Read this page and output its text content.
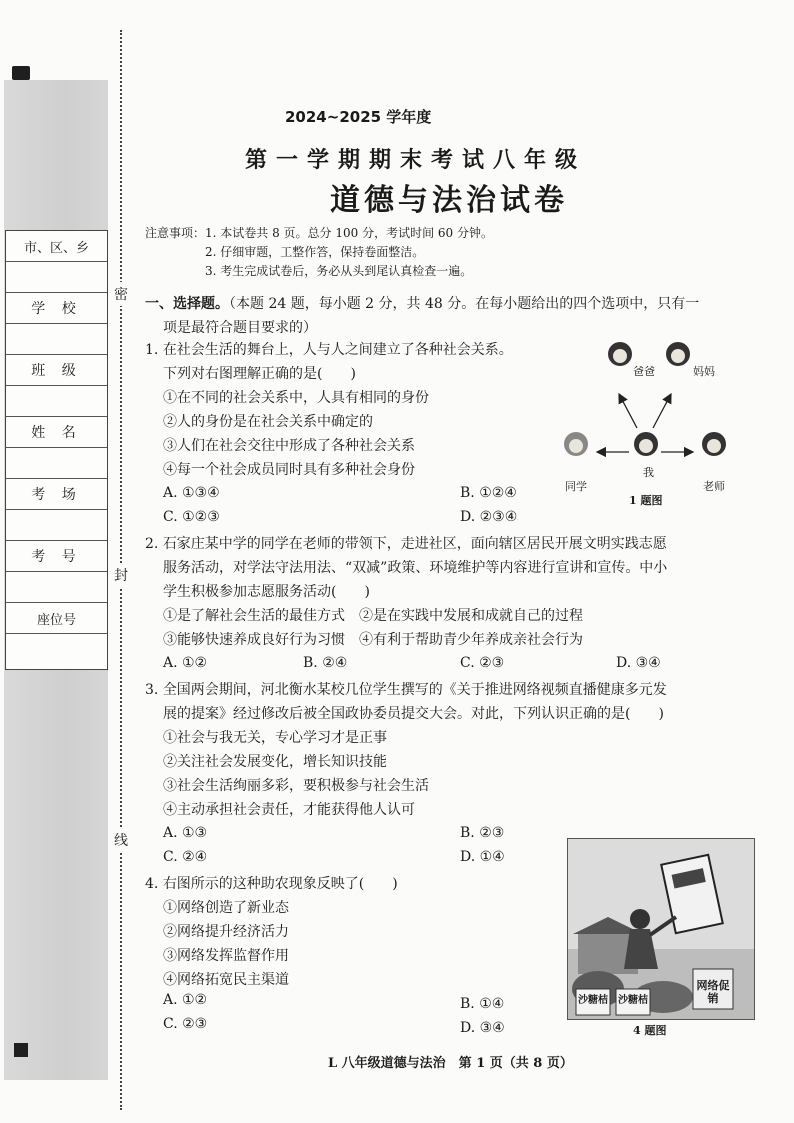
市、区、乡
学 校
班 级
姓 名
考 场
考 号
座位号
密
封
线
2024~2025 学年度
第一学期期末考试八年级
道德与法治试卷
注意事项：1. 本试卷共 8 页。总分 100 分，考试时间 60 分钟。
2. 仔细审题，工整作答，保持卷面整洁。
3. 考生完成试卷后，务必从头到尾认真检查一遍。
一、选择题。（本题 24 题，每小题 2 分，共 48 分。在每小题给出的四个选项中，只有一
项是最符合题目要求的）
1. 在社会生活的舞台上，人与人之间建立了各种社会关系。
下列对右图理解正确的是(　　)
①在不同的社会关系中，人具有相同的身份
②人的身份是在社会关系中确定的
③人们在社会交往中形成了各种社会关系
④每一个社会成员同时具有多种社会身份
A. ①③④	B. ①②④
C. ①②③	D. ②③④
爸爸	妈妈
我
同学	老师
1 题图
2. 石家庄某中学的同学在老师的带领下，走进社区，面向辖区居民开展文明实践志愿
服务活动，对学法守法用法、“双减”政策、环境维护等内容进行宣讲和宣传。中小
学生积极参加志愿服务活动(　　)
①是了解社会生活的最佳方式　②是在实践中发展和成就自己的过程
③能够快速养成良好行为习惯　④有利于帮助青少年养成亲社会行为
A. ①②	B. ②④	C. ②③	D. ③④
3. 全国两会期间，河北衡水某校几位学生撰写的《关于推进网络视频直播健康多元发
展的提案》经过修改后被全国政协委员提交大会。对此，下列认识正确的是(　　)
①社会与我无关，专心学习才是正事
②关注社会发展变化，增长知识技能
③社会生活绚丽多彩，要积极参与社会生活
④主动承担社会责任，才能获得他人认可
A. ①③	B. ②③
C. ②④	D. ①④
4. 右图所示的这种助农现象反映了(　　)
①网络创造了新业态
②网络提升经济活力
③网络发挥监督作用
④网络拓宽民主渠道
A. ①②	B. ①④
C. ②③	D. ③④
网络促销
沙糖桔 沙糖桔
4 题图
L 八年级道德与法治　第 1 页（共 8 页）
